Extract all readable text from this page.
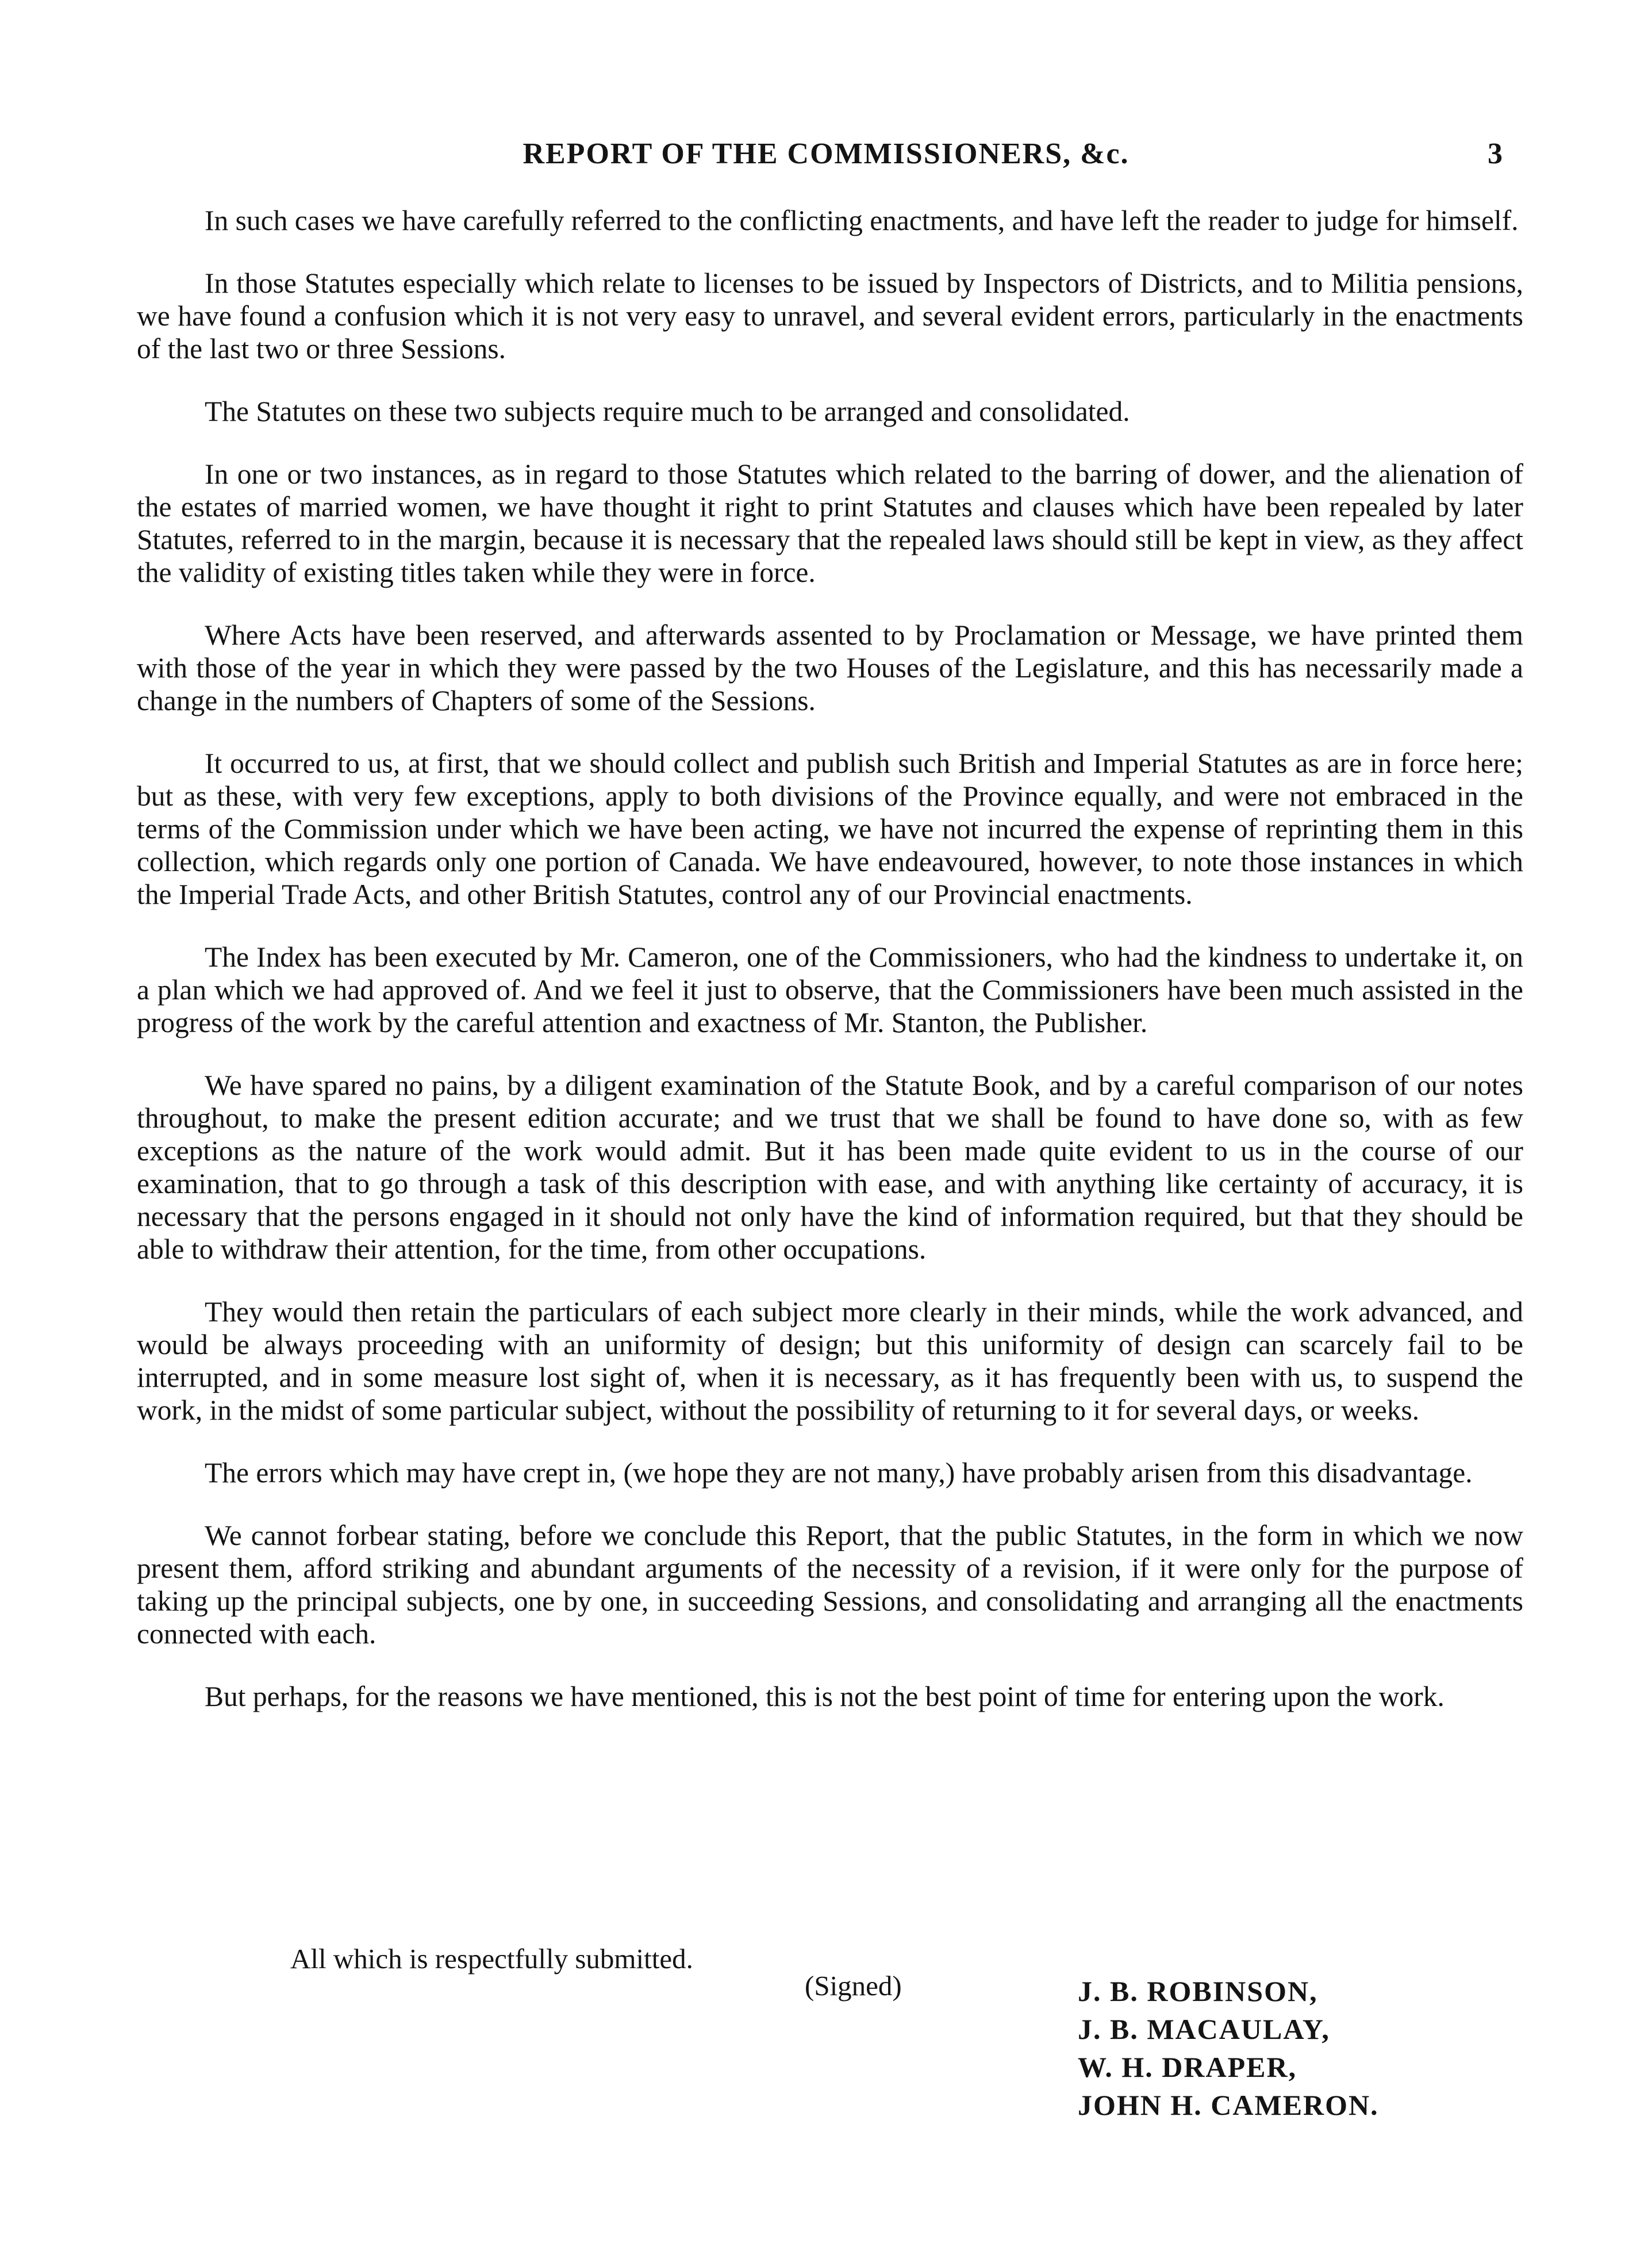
REPORT OF THE COMMISSIONERS, &c.	3

In such cases we have carefully referred to the conflicting enactments, and have left the reader to judge for himself.

In those Statutes especially which relate to licenses to be issued by Inspectors of Districts, and to Militia pensions, we have found a confusion which it is not very easy to unravel, and several evident errors, particularly in the enactments of the last two or three Sessions.

The Statutes on these two subjects require much to be arranged and consolidated.

In one or two instances, as in regard to those Statutes which related to the barring of dower, and the alienation of the estates of married women, we have thought it right to print Statutes and clauses which have been repealed by later Statutes, referred to in the margin, because it is necessary that the repealed laws should still be kept in view, as they affect the validity of existing titles taken while they were in force.

Where Acts have been reserved, and afterwards assented to by Proclamation or Message, we have printed them with those of the year in which they were passed by the two Houses of the Legislature, and this has necessarily made a change in the numbers of Chapters of some of the Sessions.

It occurred to us, at first, that we should collect and publish such British and Imperial Statutes as are in force here; but as these, with very few exceptions, apply to both divisions of the Province equally, and were not embraced in the terms of the Commission under which we have been acting, we have not incurred the expense of reprinting them in this collection, which regards only one portion of Canada. We have endeavoured, however, to note those instances in which the Imperial Trade Acts, and other British Statutes, control any of our Provincial enactments.

The Index has been executed by Mr. Cameron, one of the Commissioners, who had the kindness to undertake it, on a plan which we had approved of. And we feel it just to observe, that the Commissioners have been much assisted in the progress of the work by the careful attention and exactness of Mr. Stanton, the Publisher.

We have spared no pains, by a diligent examination of the Statute Book, and by a careful comparison of our notes throughout, to make the present edition accurate; and we trust that we shall be found to have done so, with as few exceptions as the nature of the work would admit. But it has been made quite evident to us in the course of our examination, that to go through a task of this description with ease, and with anything like certainty of accuracy, it is necessary that the persons engaged in it should not only have the kind of information required, but that they should be able to withdraw their attention, for the time, from other occupations.

They would then retain the particulars of each subject more clearly in their minds, while the work advanced, and would be always proceeding with an uniformity of design; but this uniformity of design can scarcely fail to be interrupted, and in some measure lost sight of, when it is necessary, as it has frequently been with us, to suspend the work, in the midst of some particular subject, without the possibility of returning to it for several days, or weeks.

The errors which may have crept in, (we hope they are not many,) have probably arisen from this disadvantage.

We cannot forbear stating, before we conclude this Report, that the public Statutes, in the form in which we now present them, afford striking and abundant arguments of the necessity of a revision, if it were only for the purpose of taking up the principal subjects, one by one, in succeeding Sessions, and consolidating and arranging all the enactments connected with each.

But perhaps, for the reasons we have mentioned, this is not the best point of time for entering upon the work.

All which is respectfully submitted.
(Signed)	J. B. ROBINSON,
J. B. MACAULAY,
W. H. DRAPER,
JOHN H. CAMERON.
